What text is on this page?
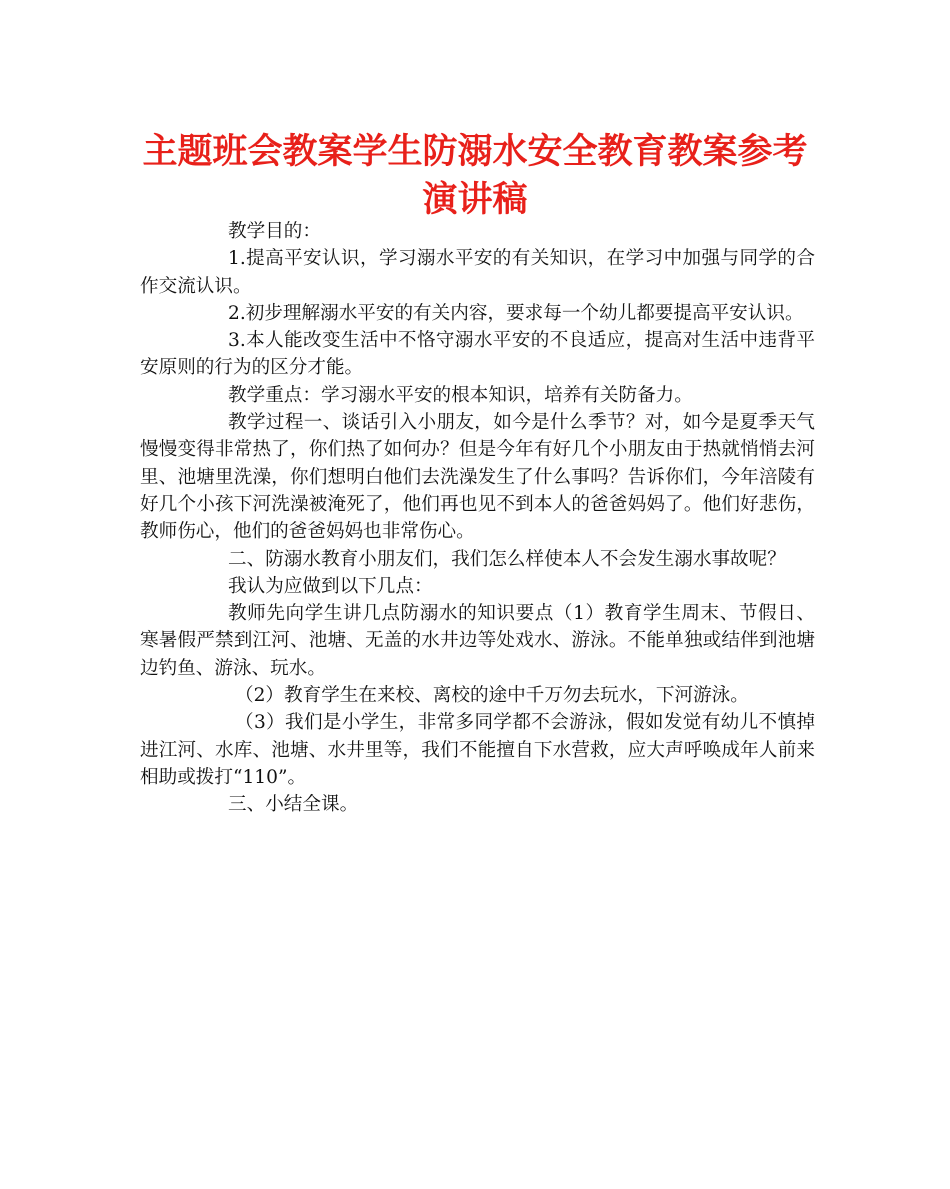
主题班会教案学生防溺水安全教育教案参考演讲稿

教学目的：

1.提高平安认识，学习溺水平安的有关知识，在学习中加强与同学的合作交流认识。

2.初步理解溺水平安的有关内容，要求每一个幼儿都要提高平安认识。

3.本人能改变生活中不恪守溺水平安的不良适应，提高对生活中违背平安原则的行为的区分才能。

教学重点：学习溺水平安的根本知识，培养有关防备力。

教学过程一、谈话引入小朋友，如今是什么季节？对，如今是夏季天气慢慢变得非常热了，你们热了如何办？但是今年有好几个小朋友由于热就悄悄去河里、池塘里洗澡，你们想明白他们去洗澡发生了什么事吗？告诉你们，今年涪陵有好几个小孩下河洗澡被淹死了，他们再也见不到本人的爸爸妈妈了。他们好悲伤，教师伤心，他们的爸爸妈妈也非常伤心。

二、防溺水教育小朋友们，我们怎么样使本人不会发生溺水事故呢？

我认为应做到以下几点：

教师先向学生讲几点防溺水的知识要点（1）教育学生周末、节假日、寒暑假严禁到江河、池塘、无盖的水井边等处戏水、游泳。不能单独或结伴到池塘边钓鱼、游泳、玩水。

（2）教育学生在来校、离校的途中千万勿去玩水，下河游泳。

（3）我们是小学生，非常多同学都不会游泳，假如发觉有幼儿不慎掉进江河、水库、池塘、水井里等，我们不能擅自下水营救，应大声呼唤成年人前来相助或拨打“110”。

三、小结全课。
